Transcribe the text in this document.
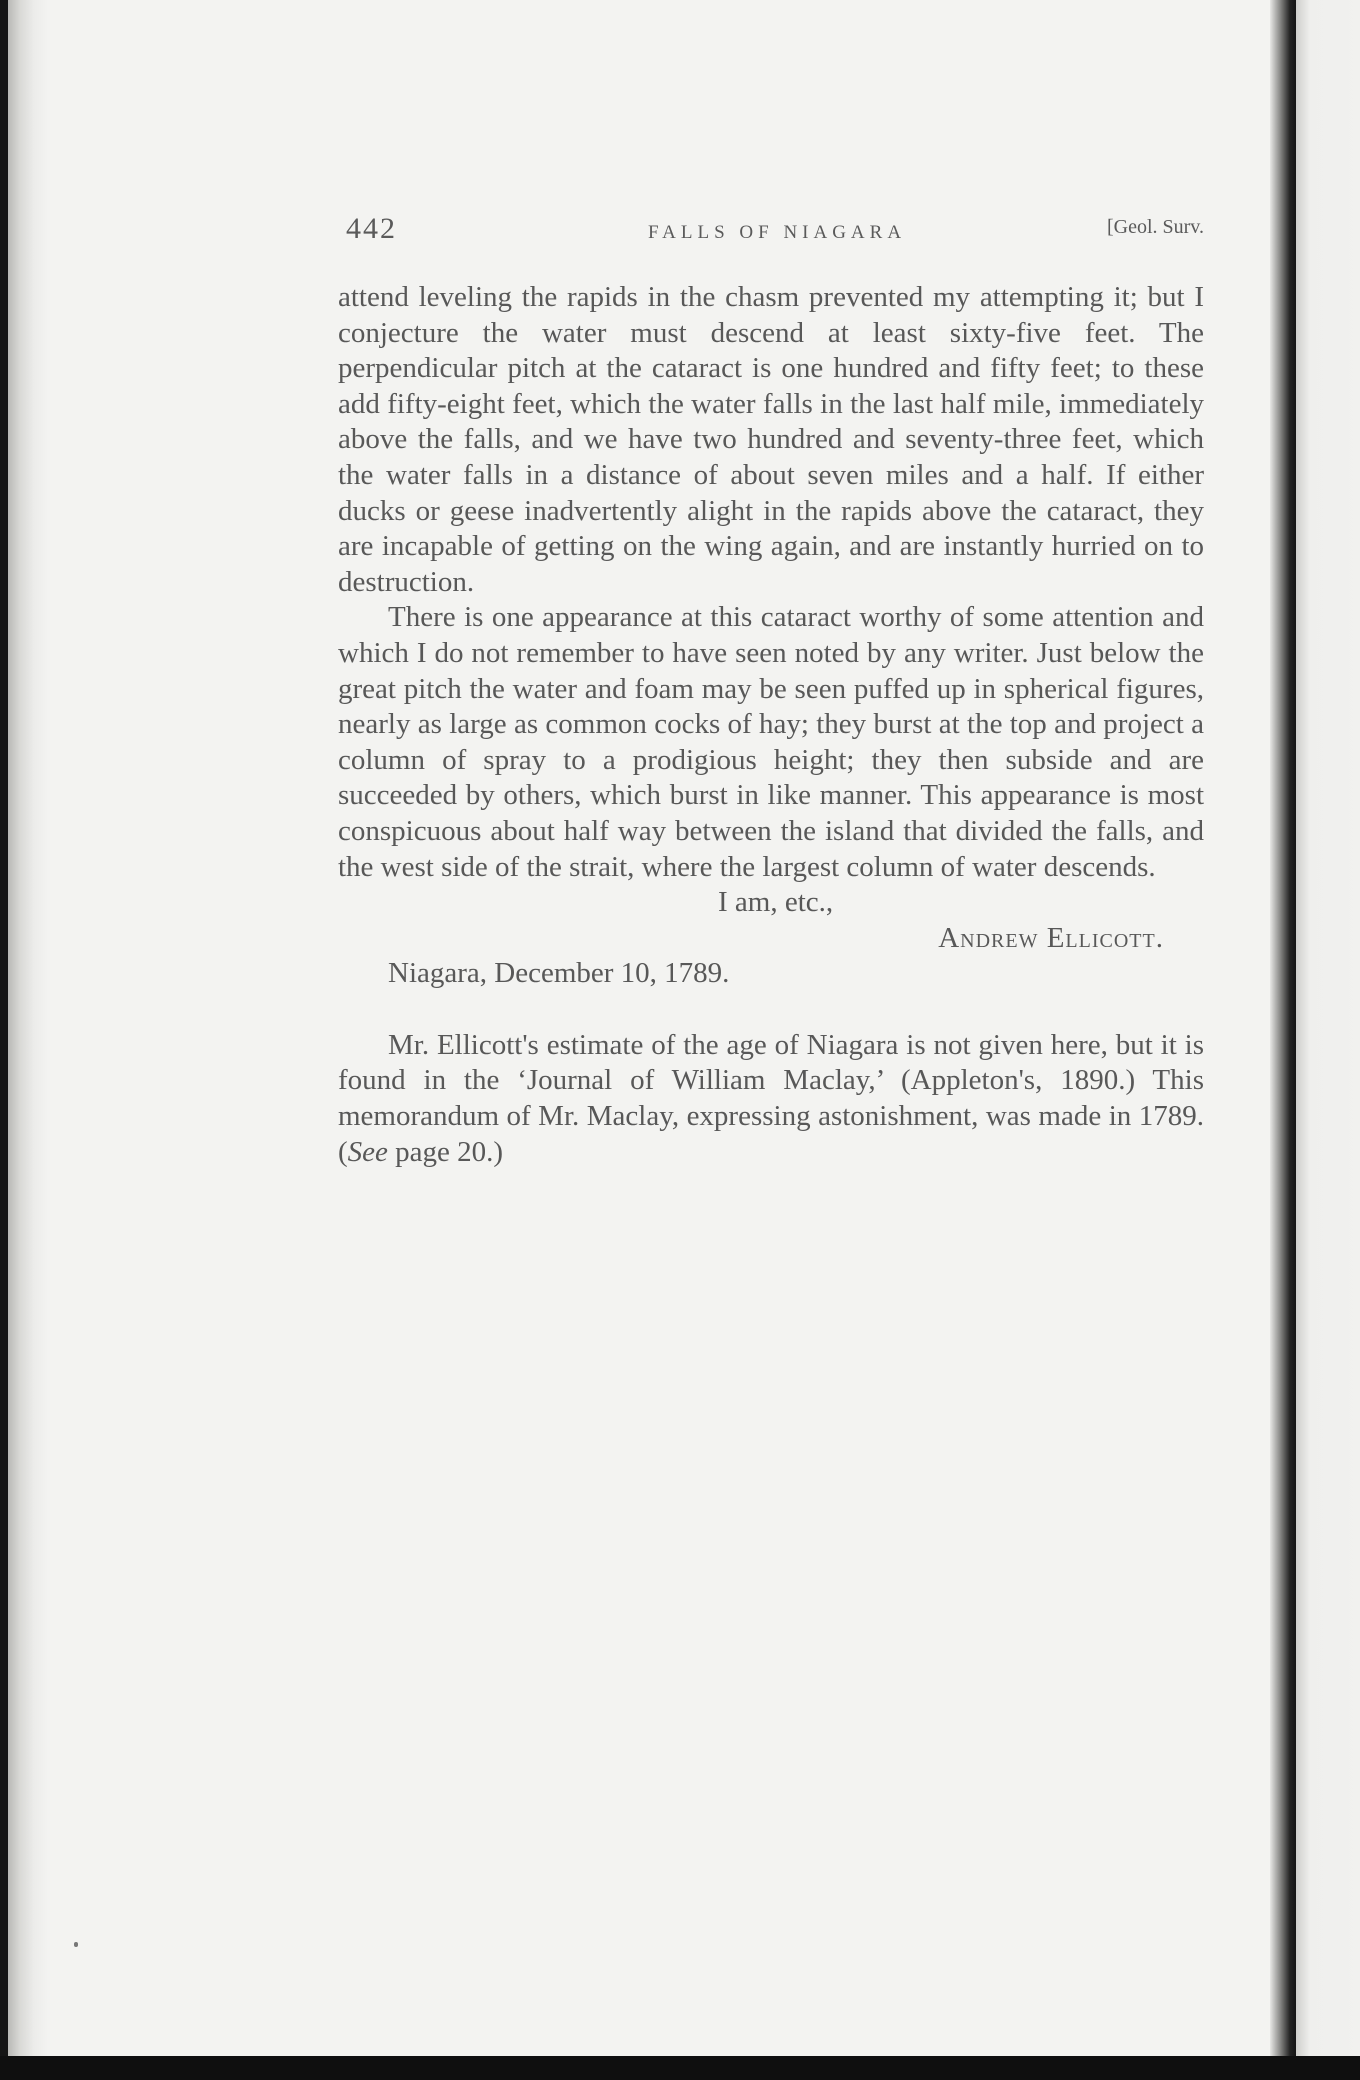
442	FALLS OF NIAGARA	[Geol. Surv.

attend leveling the rapids in the chasm prevented my attempting it; but I conjecture the water must descend at least sixty-five feet. The perpendicular pitch at the cataract is one hundred and fifty feet; to these add fifty-eight feet, which the water falls in the last half mile, immediately above the falls, and we have two hundred and seventy-three feet, which the water falls in a distance of about seven miles and a half. If either ducks or geese inadvertently alight in the rapids above the cataract, they are incapable of getting on the wing again, and are instantly hurried on to destruction.

There is one appearance at this cataract worthy of some attention and which I do not remember to have seen noted by any writer. Just below the great pitch the water and foam may be seen puffed up in spherical figures, nearly as large as common cocks of hay; they burst at the top and project a column of spray to a prodigious height; they then subside and are succeeded by others, which burst in like manner. This appearance is most conspicuous about half way between the island that divided the falls, and the west side of the strait, where the largest column of water descends.

I am, etc.,

Andrew Ellicott.

Niagara, December 10, 1789.

Mr. Ellicott's estimate of the age of Niagara is not given here, but it is found in the ‘Journal of William Maclay,’ (Appleton's, 1890.) This memorandum of Mr. Maclay, expressing astonishment, was made in 1789. (See page 20.)
